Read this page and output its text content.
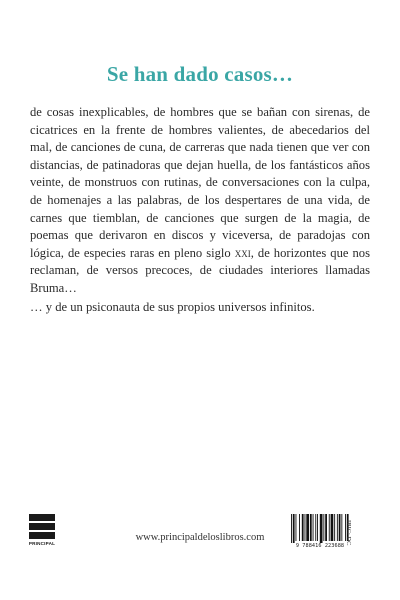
Se han dado casos…

de cosas inexplicables, de hombres que se bañan con sirenas, de cicatrices en la frente de hombres valientes, de abecedarios del mal, de canciones de cuna, de carreras que nada tienen que ver con distancias, de patinadoras que dejan huella, de los fantásticos años veinte, de monstruos con rutinas, de conversaciones con la culpa, de homenajes a las palabras, de los despertares de una vida, de carnes que tiemblan, de canciones que surgen de la magia, de poemas que derivaron en discos y viceversa, de paradojas con lógica, de especies raras en pleno siglo xxi, de horizontes que nos reclaman, de versos precoces, de ciudades interiores llamadas Bruma…

… y de un psiconauta de sus propios universos infinitos.

PRINCIPAL
www.principaldeloslibros.com
9 788416 223688
IBIC: DC
